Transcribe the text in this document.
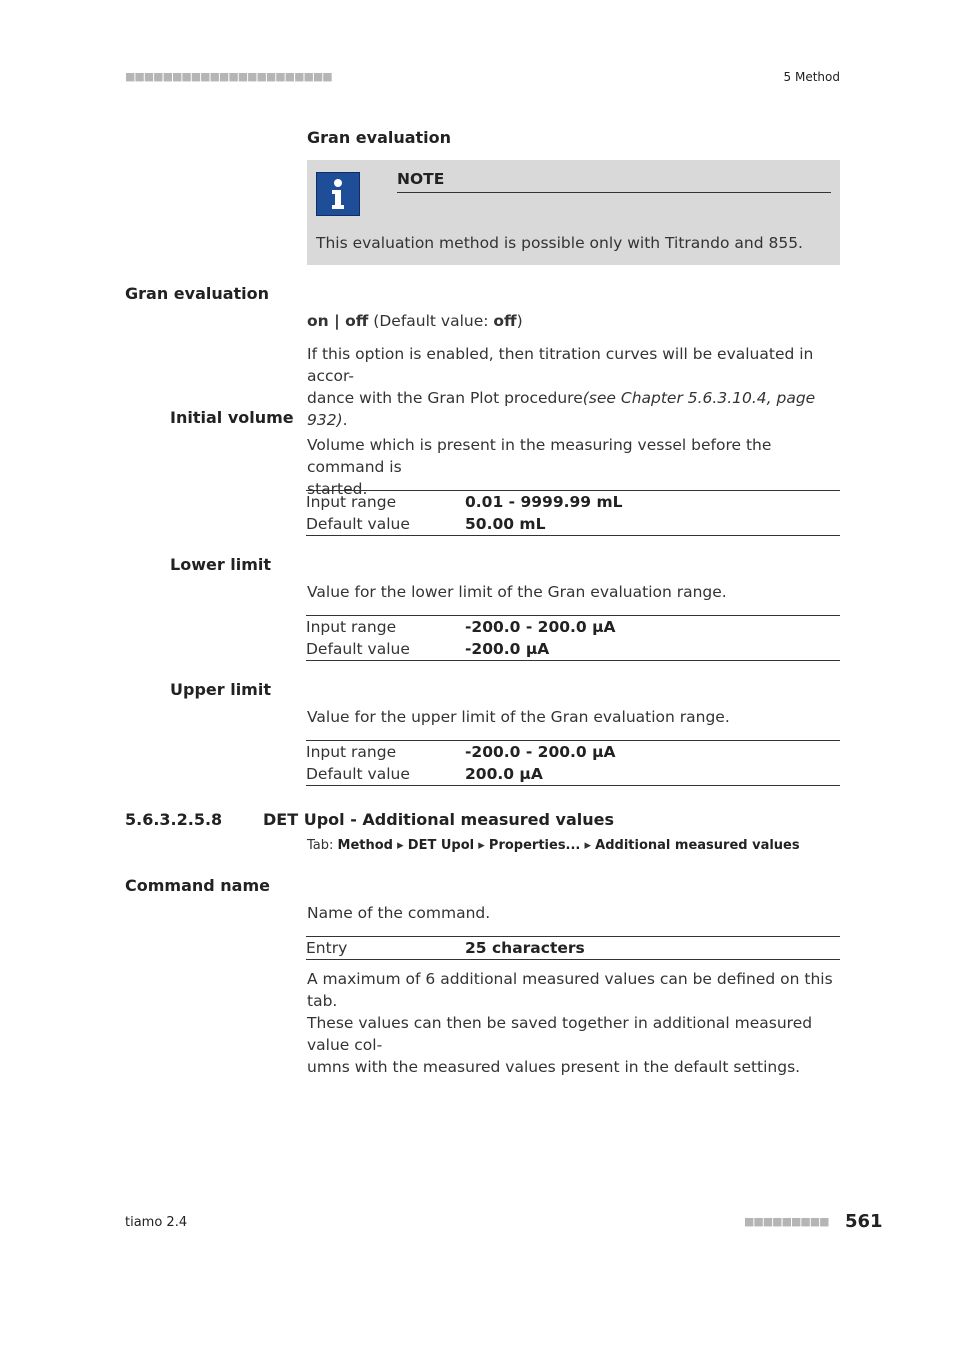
■■■■■■■■■■■■■■■■■■■■■■	5 Method
Gran evaluation
NOTE
This evaluation method is possible only with Titrando and 855.
Gran evaluation
on | off (Default value: off)
If this option is enabled, then titration curves will be evaluated in accor-
dance with the Gran Plot procedure(see Chapter 5.6.3.10.4, page 932).
Initial volume
Volume which is present in the measuring vessel before the command is
started.
Input range	0.01 - 9999.99 mL
Default value	50.00 mL
Lower limit
Value for the lower limit of the Gran evaluation range.
Input range	-200.0 - 200.0 µA
Default value	-200.0 µA
Upper limit
Value for the upper limit of the Gran evaluation range.
Input range	-200.0 - 200.0 µA
Default value	200.0 µA
5.6.3.2.5.8	DET Upol - Additional measured values
Tab: Method ▸ DET Upol ▸ Properties... ▸ Additional measured values
Command name
Name of the command.
Entry	25 characters
A maximum of 6 additional measured values can be defined on this tab.
These values can then be saved together in additional measured value col-
umns with the measured values present in the default settings.
tiamo 2.4	■■■■■■■■■ 561
